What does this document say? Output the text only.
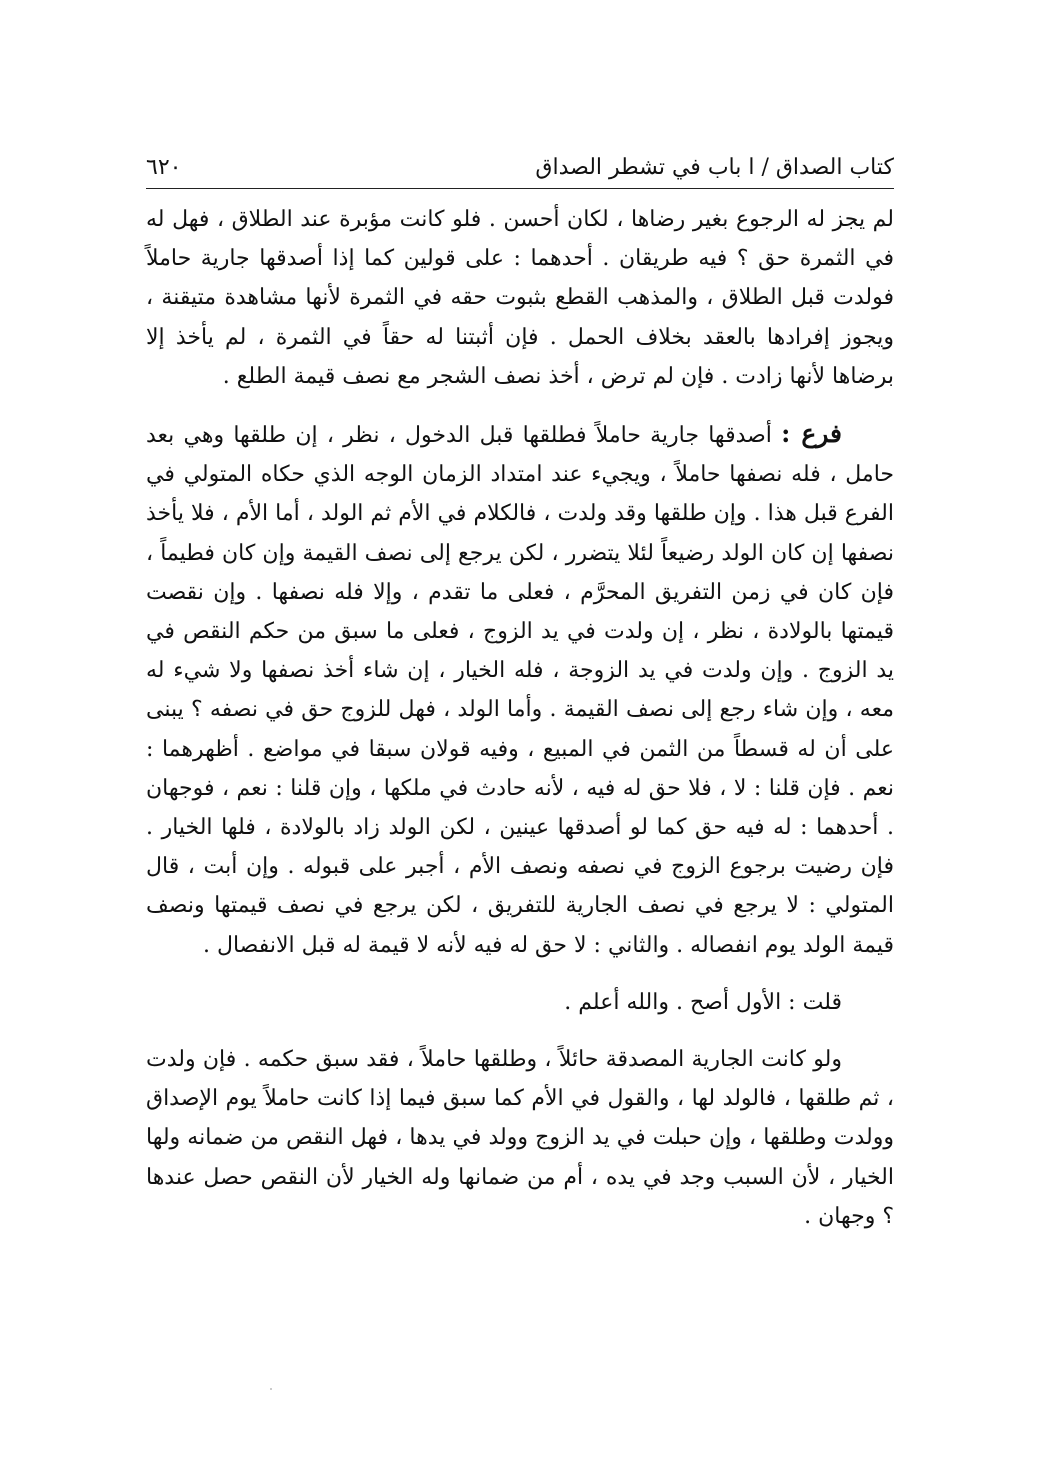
كتاب الصداق / ا باب في تشطر الصداق
٦٢٠

لم يجز له الرجوع بغير رضاها ، لكان أحسن . فلو كانت مؤبرة عند الطلاق ، فهل له في الثمرة حق ؟ فيه طريقان . أحدهما : على قولين كما إذا أصدقها جارية حاملاً فولدت قبل الطلاق ، والمذهب القطع بثبوت حقه في الثمرة لأنها مشاهدة متيقنة ، ويجوز إفرادها بالعقد بخلاف الحمل . فإن أثبتنا له حقاً في الثمرة ، لم يأخذ إلا برضاها لأنها زادت . فإن لم ترض ، أخذ نصف الشجر مع نصف قيمة الطلع .

فرع : أصدقها جارية حاملاً فطلقها قبل الدخول ، نظر ، إن طلقها وهي بعد حامل ، فله نصفها حاملاً ، ويجيء عند امتداد الزمان الوجه الذي حكاه المتولي في الفرع قبل هذا . وإن طلقها وقد ولدت ، فالكلام في الأم ثم الولد ، أما الأم ، فلا يأخذ نصفها إن كان الولد رضيعاً لئلا يتضرر ، لكن يرجع إلى نصف القيمة وإن كان فطيماً ، فإن كان في زمن التفريق المحرَّم ، فعلى ما تقدم ، وإلا فله نصفها . وإن نقصت قيمتها بالولادة ، نظر ، إن ولدت في يد الزوج ، فعلى ما سبق من حكم النقص في يد الزوج . وإن ولدت في يد الزوجة ، فله الخيار ، إن شاء أخذ نصفها ولا شيء له معه ، وإن شاء رجع إلى نصف القيمة . وأما الولد ، فهل للزوج حق في نصفه ؟ يبنى على أن له قسطاً من الثمن في المبيع ، وفيه قولان سبقا في مواضع . أظهرهما : نعم . فإن قلنا : لا ، فلا حق له فيه ، لأنه حادث في ملكها ، وإن قلنا : نعم ، فوجهان . أحدهما : له فيه حق كما لو أصدقها عينين ، لكن الولد زاد بالولادة ، فلها الخيار . فإن رضيت برجوع الزوج في نصفه ونصف الأم ، أجبر على قبوله . وإن أبت ، قال المتولي : لا يرجع في نصف الجارية للتفريق ، لكن يرجع في نصف قيمتها ونصف قيمة الولد يوم انفصاله . والثاني : لا حق له فيه لأنه لا قيمة له قبل الانفصال .

قلت : الأول أصح . والله أعلم .

ولو كانت الجارية المصدقة حائلاً ، وطلقها حاملاً ، فقد سبق حكمه . فإن ولدت ، ثم طلقها ، فالولد لها ، والقول في الأم كما سبق فيما إذا كانت حاملاً يوم الإصداق وولدت وطلقها ، وإن حبلت في يد الزوج وولد في يدها ، فهل النقص من ضمانه ولها الخيار ، لأن السبب وجد في يده ، أم من ضمانها وله الخيار لأن النقص حصل عندها ؟ وجهان .
